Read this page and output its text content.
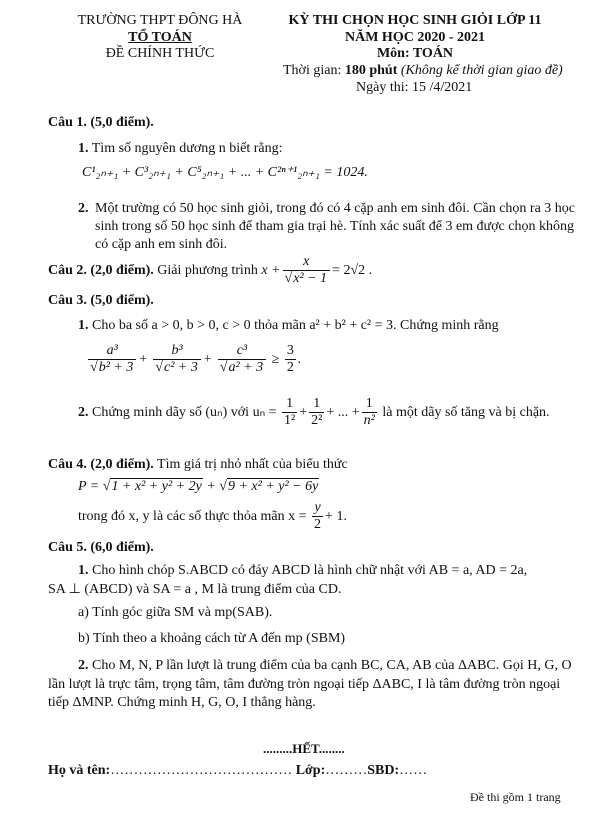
TRƯỜNG THPT ĐÔNG HÀ
TỔ TOÁN
ĐỀ CHÍNH THỨC
KỲ THI CHỌN HỌC SINH GIỎI LỚP 11
NĂM HỌC 2020 - 2021
Môn: TOÁN
Thời gian: 180 phút (Không kể thời gian giao đề)
Ngày thi: 15 /4/2021
Câu 1. (5,0 điểm).
1. Tìm số nguyên dương n biết rằng:
C¹₂ₙ₊₁ + C³₂ₙ₊₁ + C⁵₂ₙ₊₁ + ... + C²ⁿ⁺¹₂ₙ₊₁ = 1024.
2. Một trường có 50 học sinh giỏi, trong đó có 4 cặp anh em sinh đôi. Cần chọn ra 3 học
sinh trong số 50 học sinh để tham gia trại hè. Tính xác suất để 3 em được chọn không
có cặp anh em sinh đôi.
Câu 2. (2,0 điểm). Giải phương trình $x + \frac{x}{\text{√x² − 1}} = 2√2$ .
Câu 3. (5,0 điểm).
1. Cho ba số a > 0, b > 0, c > 0 thỏa mãn a² + b² + c² = 3. Chứng minh rằng
$\frac{\text{a³}}{\text{√b² + 3}} + \frac{\text{b³}}{\text{√c² + 3}} + \frac{\text{c³}}{\text{√a² + 3}} \ge \frac{3}{2}$ .
2. Chứng minh dãy số (uₙ) với $u_n = \frac{1}{\text{1²}} + \frac{1}{\text{2²}}$ + ... + $\frac{1}{\text{n²}}$ là một dãy số tăng và bị chặn.
Câu 4. (2,0 điểm). Tìm giá trị nhỏ nhất của biểu thức
P = √1 + x² + y² + 2y + √9 + x² + y² − 6y
trong đó x, y là các số thực thỏa mãn $x = \frac{y}{2} + 1$.
Câu 5. (6,0 điểm).
1. Cho hình chóp S.ABCD có đáy ABCD là hình chữ nhật với AB = a, AD = 2a,
SA ⊥ (ABCD) và SA = a , M là trung điểm của CD.
a) Tính góc giữa SM và mp(SAB).
b) Tính theo a khoảng cách từ A đến mp (SBM)
2. Cho M, N, P lần lượt là trung điểm của ba cạnh BC, CA, AB của ΔABC. Gọi H, G, O
lần lượt là trực tâm, trọng tâm, tâm đường tròn ngoại tiếp ΔABC, I là tâm đường tròn ngoại
tiếp ΔMNP. Chứng minh H, G, O, I thẳng hàng.
.........HẾT........
Họ và tên:………………………………… Lớp:………SBD:……
Đề thi gồm 1 trang
